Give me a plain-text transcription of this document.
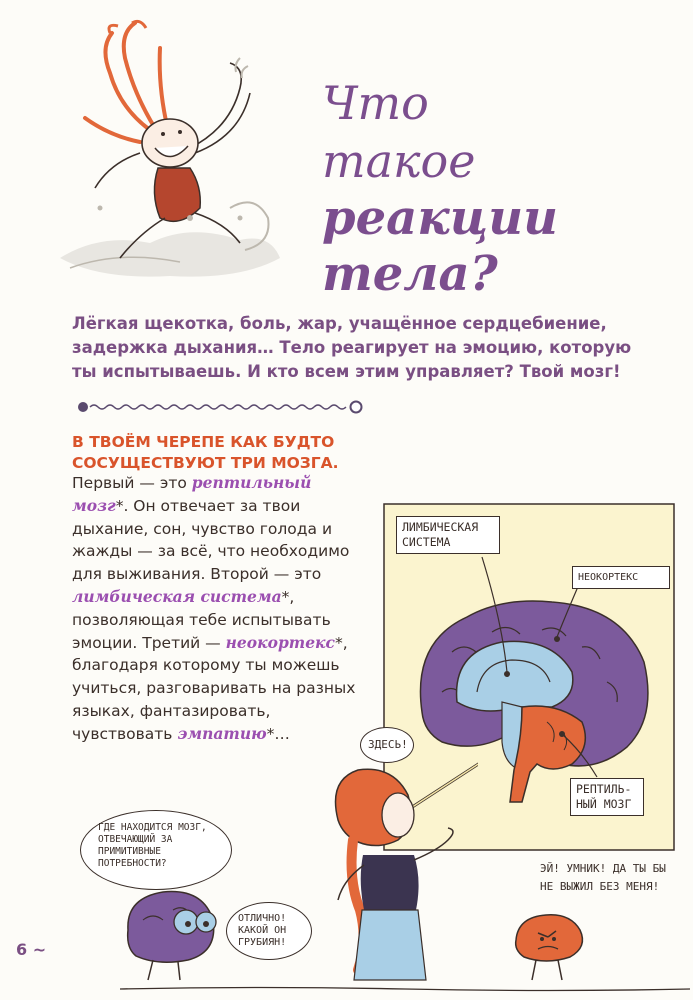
Что
такое
реакции
тела?
Лёгкая щекотка, боль, жар, учащённое сердцебиение, задержка дыхания… Тело реагирует на эмоцию, которую ты испытываешь. И кто всем этим управляет? Твой мозг!
В ТВОЁМ ЧЕРЕПЕ КАК БУДТО СОСУЩЕСТВУЮТ ТРИ МОЗГА.
Первый — это рептильный мозг*. Он отвечает за твои дыхание, сон, чувство голода и жажды — за всё, что необходимо для выживания. Второй — это лимбическая система*, позволяющая тебе испытывать эмоции. Третий — неокортекс*, благодаря которому ты можешь учиться, разговаривать на разных языках, фантазировать, чувствовать эмпатию*…
ЛИМБИЧЕСКАЯ СИСТЕМА
НЕОКОРТЕКС
РЕПТИЛЬ-НЫЙ МОЗГ
ЗДЕСЬ!
ГДЕ НАХОДИТСЯ МОЗГ, ОТВЕЧАЮЩИЙ ЗА ПРИМИТИВНЫЕ ПОТРЕБНОСТИ?
ОТЛИЧНО! КАКОЙ ОН ГРУБИЯН!
ЭЙ! УМНИК! ДА ТЫ БЫ НЕ ВЫЖИЛ БЕЗ МЕНЯ!
6 ~
